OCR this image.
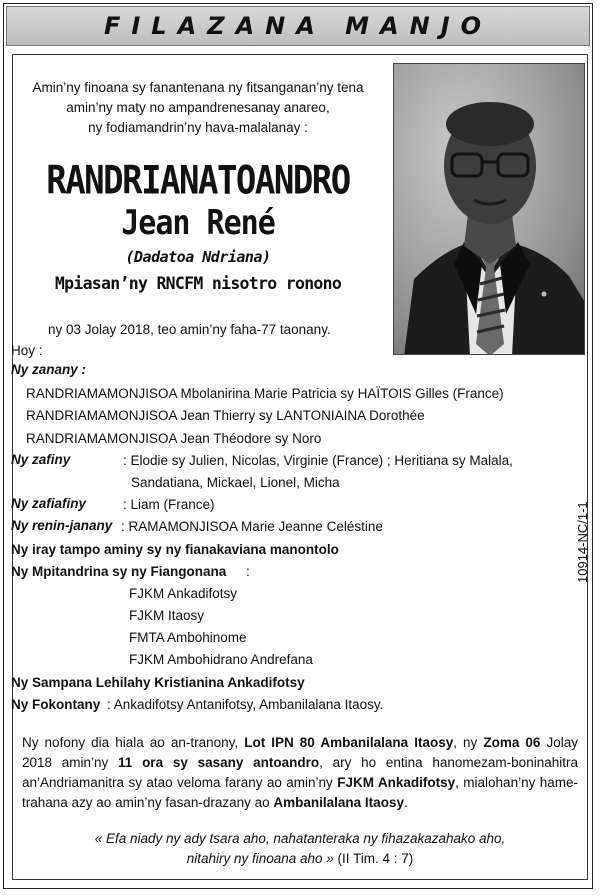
FILAZANA MANJO
Amin’ny finoana sy fanantenana ny fitsanganan’ny tena
amin’ny maty no ampandrenesanay anareo,
ny fodiamandrin’ny hava-malalanay :
RANDRIANATOANDRO
Jean René
(Dadatoa Ndriana)
Mpiasan’ny RNCFM nisotro ronono
ny 03 Jolay 2018, teo amin’ny faha-77 taonany.
Hoy :
Ny zanany :
RANDRIAMAMONJISOA Mbolanirina Marie Patricia sy HAÏTOIS Gilles (France)
RANDRIAMAMONJISOA Jean Thierry sy LANTONIAINA Dorothée
RANDRIAMAMONJISOA Jean Théodore sy Noro
Ny zafiny	: Elodie sy Julien, Nicolas, Virginie (France) ; Heritiana sy Malala,
Sandatiana, Mickael, Lionel, Micha
Ny zafiafiny	: Liam (France)
Ny renin-janany : RAMAMONJISOA Marie Jeanne Celéstine
Ny iray tampo aminy sy ny fianakaviana manontolo
Ny Mpitandrina sy ny Fiangonana :
FJKM Ankadifotsy
FJKM Itaosy
FMTA Ambohinome
FJKM Ambohidrano Andrefana
Ny Sampana Lehilahy Kristianina Ankadifotsy
Ny Fokontany : Ankadifotsy Antanifotsy, Ambanilalana Itaosy.
10914-NC/1-1
Ny nofony dia hiala ao an-tranony, Lot IPN 80 Ambanilalana Itaosy, ny Zoma 06 Jolay 2018 amin’ny 11 ora sy sasany antoandro, ary ho entina hanomezam-boninahitra an’Andriamanitra sy atao veloma farany ao amin’ny FJKM Ankadifotsy, mialohan’ny hame-trahana azy ao amin’ny fasan-drazany ao Ambanilalana Itaosy.
« Efa niady ny ady tsara aho, nahatanteraka ny fihazakazahako aho,
nitahiry ny finoana aho » (II Tim. 4 : 7)
